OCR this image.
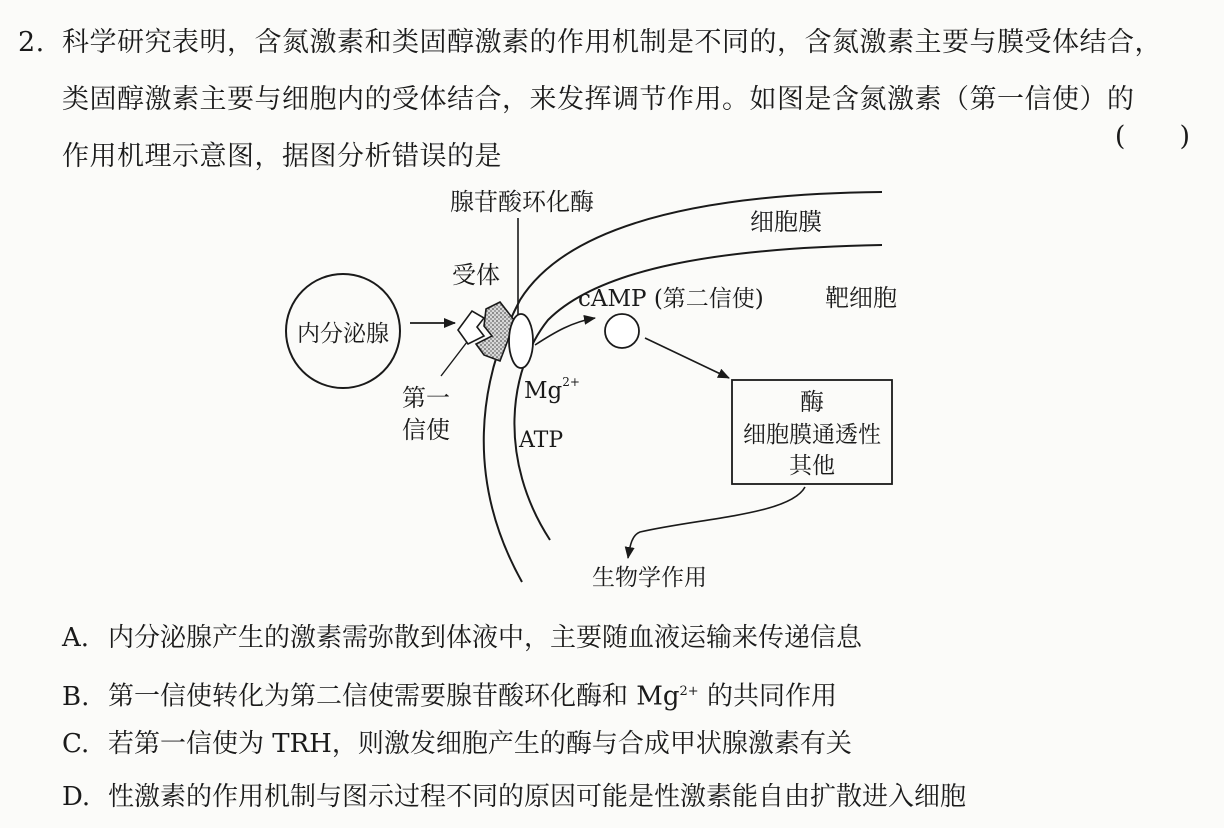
2. 科学研究表明，含氮激素和类固醇激素的作用机制是不同的，含氮激素主要与膜受体结合，
类固醇激素主要与细胞内的受体结合，来发挥调节作用。如图是含氮激素（第一信使）的
作用机理示意图，据图分析错误的是
(　　)
腺苷酸环化酶
细胞膜
受体
内分泌腺
cAMP (第二信使)	靶细胞
第一
信使
$Mg^{2+}$
ATP
酶
细胞膜通透性
其他
生物学作用
A. 内分泌腺产生的激素需弥散到体液中，主要随血液运输来传递信息
B. 第一信使转化为第二信使需要腺苷酸环化酶和 $Mg^{2+}$ 的共同作用
C. 若第一信使为 TRH，则激发细胞产生的酶与合成甲状腺激素有关
D. 性激素的作用机制与图示过程不同的原因可能是性激素能自由扩散进入细胞
